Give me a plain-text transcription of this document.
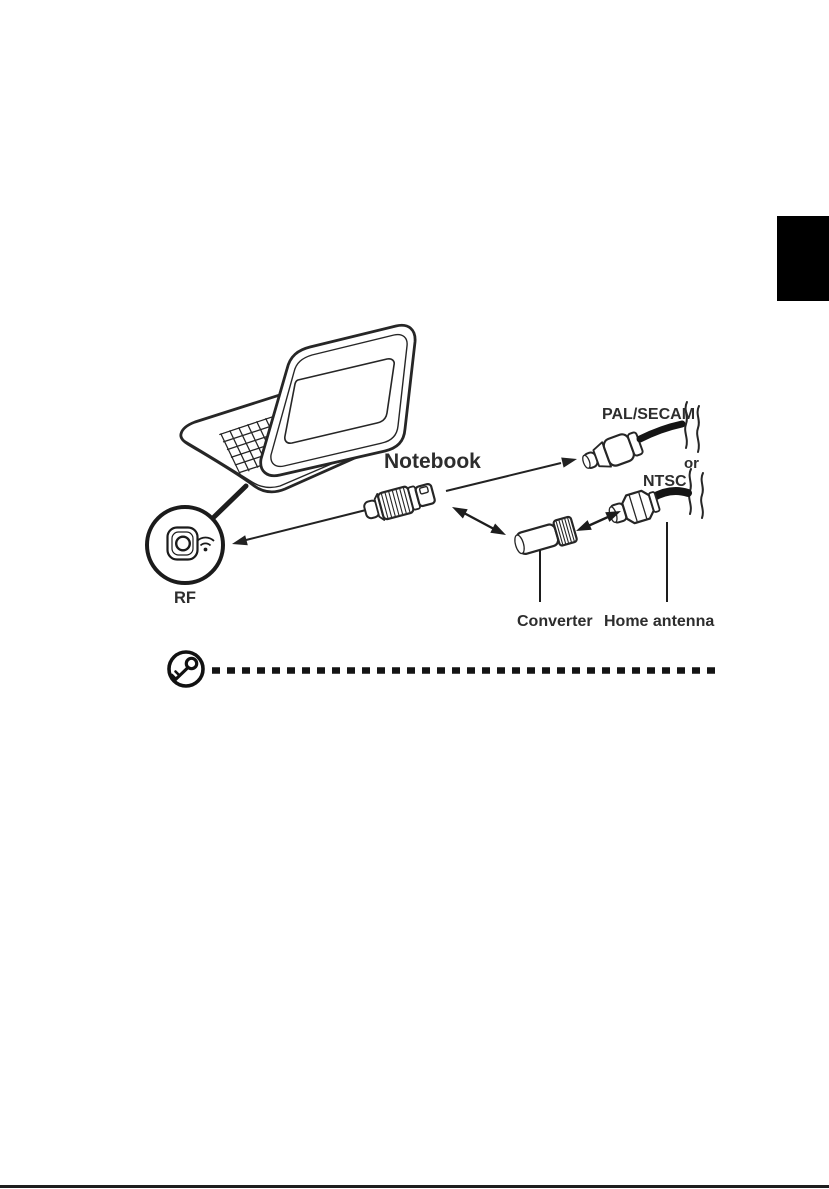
RF
Notebook
PAL/SECAM
or
NTSC
Converter Home antenna
